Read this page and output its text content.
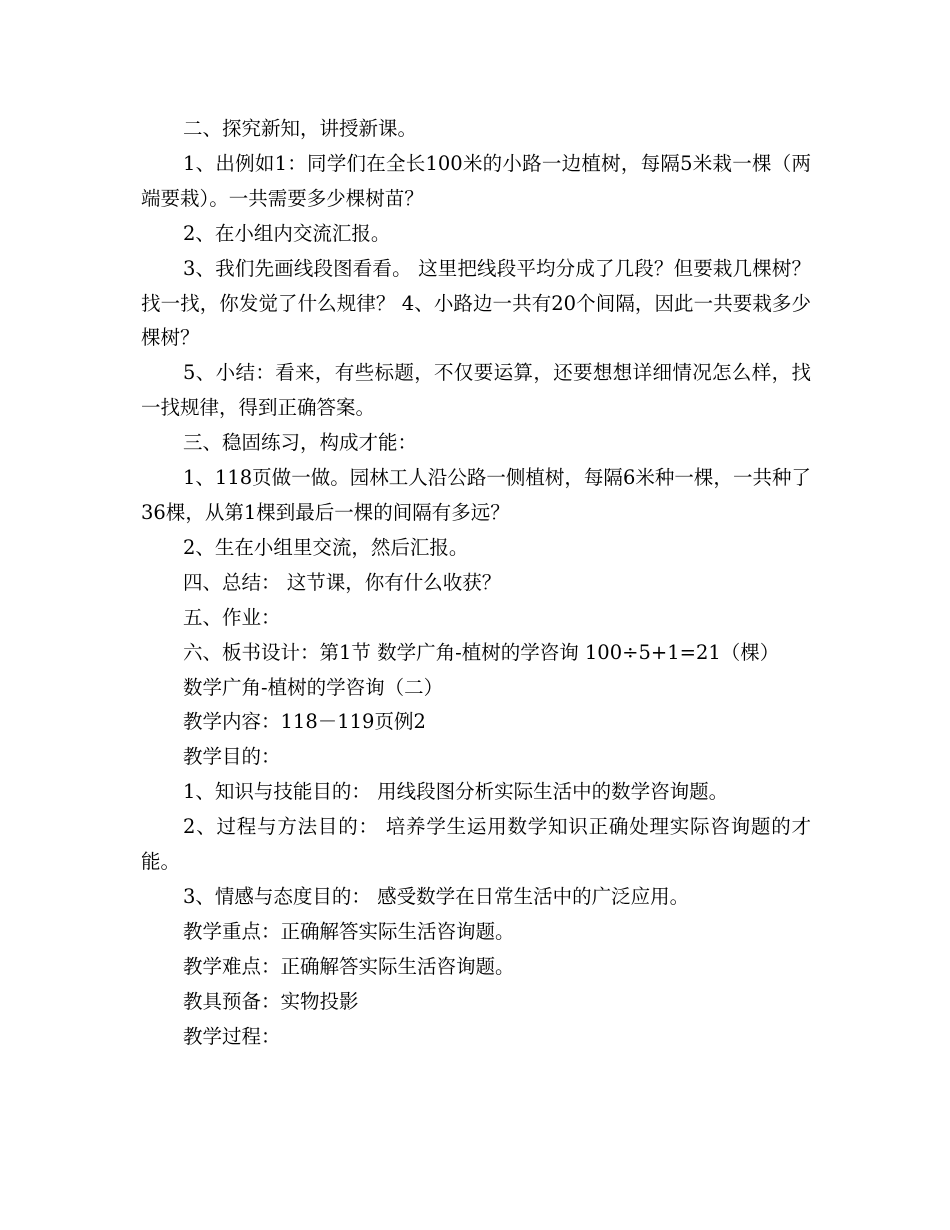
二、探究新知，讲授新课。

1、出例如1：同学们在全长100米的小路一边植树，每隔5米栽一棵（两端要栽）。一共需要多少棵树苗？

2、在小组内交流汇报。

3、我们先画线段图看看。 这里把线段平均分成了几段？但要栽几棵树？找一找，你发觉了什么规律？ 4、小路边一共有20个间隔，因此一共要栽多少棵树？

5、小结：看来，有些标题，不仅要运算，还要想想详细情况怎么样，找一找规律，得到正确答案。

三、稳固练习，构成才能：

1、118页做一做。园林工人沿公路一侧植树，每隔6米种一棵，一共种了36棵，从第1棵到最后一棵的间隔有多远？

2、生在小组里交流，然后汇报。

四、总结： 这节课，你有什么收获？

五、作业：

六、板书设计：第1节 数学广角-植树的学咨询 100÷5+1=21（棵）

数学广角-植树的学咨询（二）

教学内容：118－119页例2

教学目的：

1、知识与技能目的： 用线段图分析实际生活中的数学咨询题。

2、过程与方法目的： 培养学生运用数学知识正确处理实际咨询题的才能。

3、情感与态度目的： 感受数学在日常生活中的广泛应用。

教学重点：正确解答实际生活咨询题。

教学难点：正确解答实际生活咨询题。

教具预备：实物投影

教学过程：
